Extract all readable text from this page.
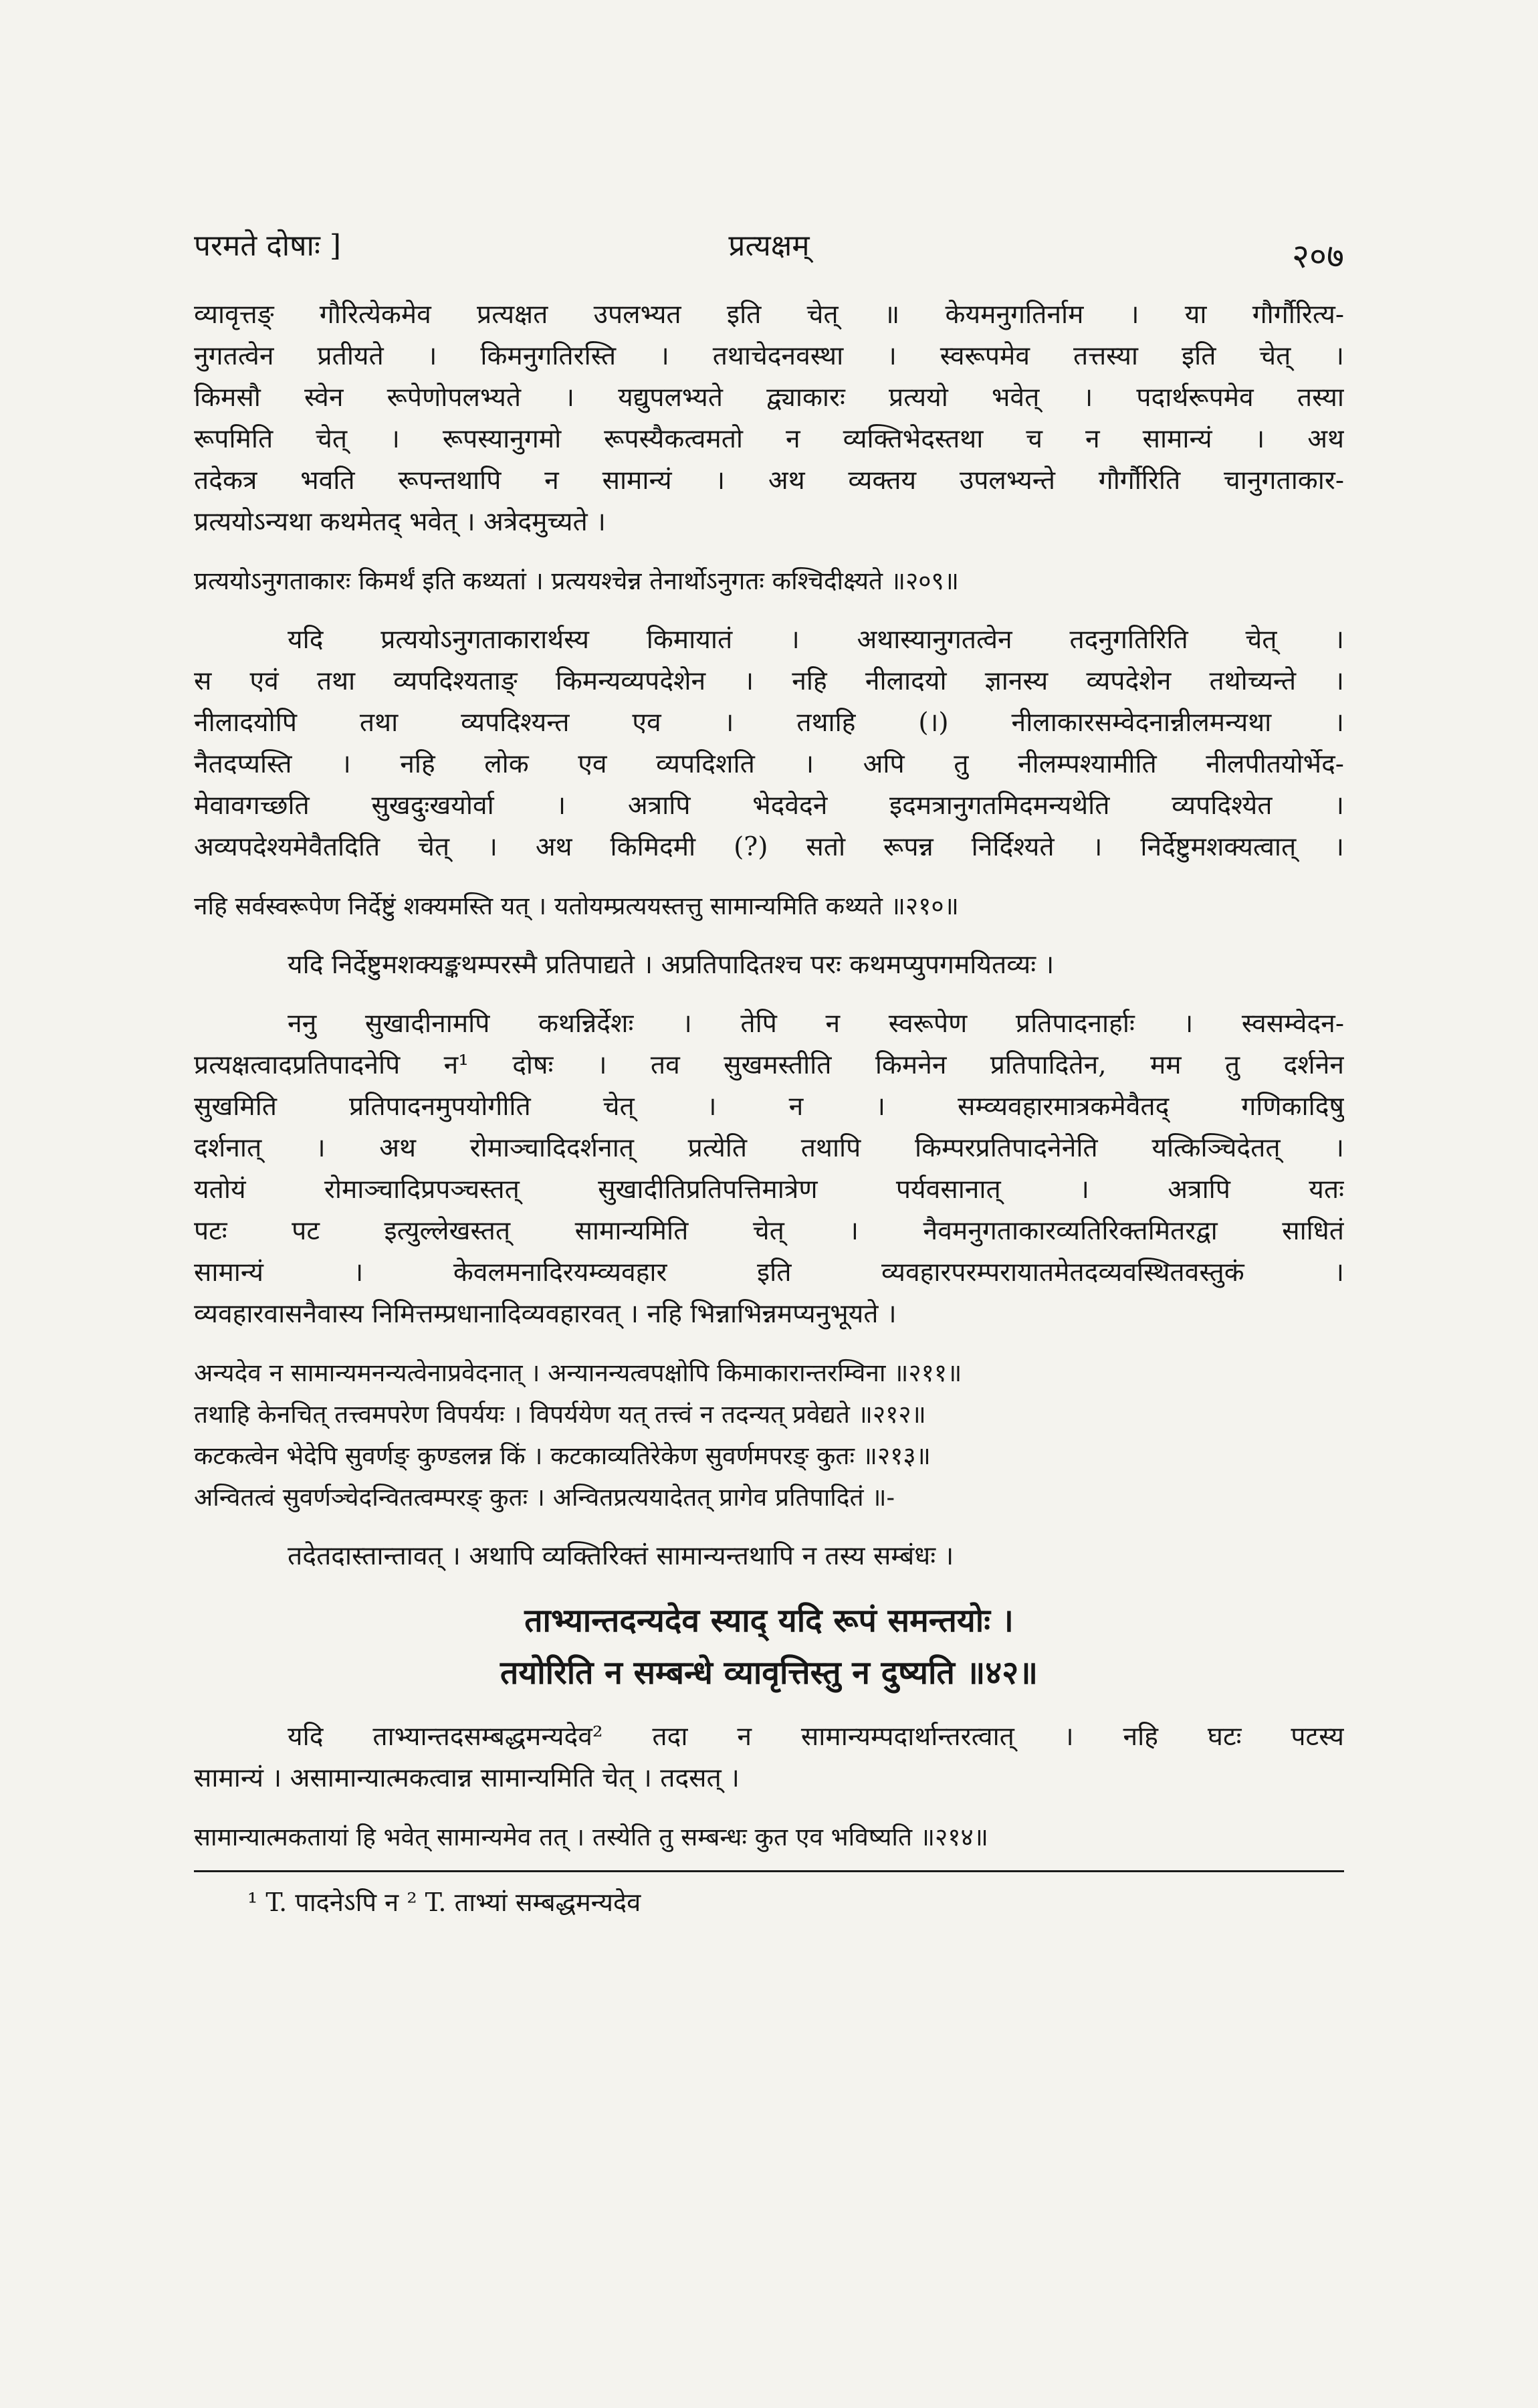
परमते दोषाः ]	प्रत्यक्षम्	२०७
व्यावृत्तङ् गौरित्येकमेव प्रत्यक्षत उपलभ्यत इति चेत् ॥ केयमनुगतिर्नाम । या गौर्गौरित्य-
नुगतत्वेन प्रतीयते । किमनुगतिरस्ति । तथाचेदनवस्था । स्वरूपमेव तत्तस्या इति चेत् ।
किमसौ स्वेन रूपेणोपलभ्यते । यद्युपलभ्यते द्व्याकारः प्रत्ययो भवेत् । पदार्थरूपमेव तस्या
रूपमिति चेत् । रूपस्यानुगमो रूपस्यैकत्वमतो न व्यक्तिभेदस्तथा च न सामान्यं । अथ
तदेकत्र भवति रूपन्तथापि न सामान्यं । अथ व्यक्तय उपलभ्यन्ते गौर्गौरिति चानुगताकार-
प्रत्ययोऽन्यथा कथमेतद् भवेत् । अत्रेदमुच्यते ।
प्रत्ययोऽनुगताकारः किमर्थं इति कथ्यतां । प्रत्ययश्चेन्न तेनार्थोऽनुगतः कश्चिदीक्ष्यते ॥२०९॥
यदि प्रत्ययोऽनुगताकारार्थस्य किमायातं । अथास्यानुगतत्वेन तदनुगतिरिति चेत् ।
स एवं तथा व्यपदिश्यताङ् किमन्यव्यपदेशेन । नहि नीलादयो ज्ञानस्य व्यपदेशेन तथोच्यन्ते ।
नीलादयोपि तथा व्यपदिश्यन्त एव । तथाहि (।) नीलाकारसम्वेदनान्नीलमन्यथा ।
नैतदप्यस्ति । नहि लोक एव व्यपदिशति । अपि तु नीलम्पश्यामीति नीलपीतयोर्भेद-
मेवावगच्छति सुखदुःखयोर्वा । अत्रापि भेदवेदने इदमत्रानुगतमिदमन्यथेति व्यपदिश्येत ।
अव्यपदेश्यमेवैतदिति चेत् । अथ किमिदमी (?) सतो रूपन्न निर्दिश्यते । निर्देष्टुमशक्यत्वात् ।
नहि सर्वस्वरूपेण निर्देष्टुं शक्यमस्ति यत् । यतोयम्प्रत्ययस्तत्तु सामान्यमिति कथ्यते ॥२१०॥
यदि निर्देष्टुमशक्यङ्कथम्परस्मै प्रतिपाद्यते । अप्रतिपादितश्च परः कथमप्युपगमयितव्यः ।
ननु सुखादीनामपि कथन्निर्देशः । तेपि न स्वरूपेण प्रतिपादनार्हाः । स्वसम्वेदन-
प्रत्यक्षत्वादप्रतिपादनेपि न¹ दोषः । तव सुखमस्तीति किमनेन प्रतिपादितेन, मम तु दर्शनेन
सुखमिति प्रतिपादनमुपयोगीति चेत् । न । सम्व्यवहारमात्रकमेवैतद् गणिकादिषु
दर्शनात् । अथ रोमाञ्चादिदर्शनात् प्रत्येति तथापि किम्परप्रतिपादनेनेति यत्किञ्चिदेतत् ।
यतोयं रोमाञ्चादिप्रपञ्चस्तत् सुखादीतिप्रतिपत्तिमात्रेण पर्यवसानात् । अत्रापि यतः
पटः पट इत्युल्लेखस्तत् सामान्यमिति चेत् । नैवमनुगताकारव्यतिरिक्तमितरद्वा साधितं
सामान्यं । केवलमनादिरयम्व्यवहार इति व्यवहारपरम्परायातमेतदव्यवस्थितवस्तुकं ।
व्यवहारवासनैवास्य निमित्तम्प्रधानादिव्यवहारवत् । नहि भिन्नाभिन्नमप्यनुभूयते ।
अन्यदेव न सामान्यमनन्यत्वेनाप्रवेदनात् । अन्यानन्यत्वपक्षोपि किमाकारान्तरम्विना ॥२११॥
तथाहि केनचित् तत्त्वमपरेण विपर्ययः । विपर्ययेण यत् तत्त्वं न तदन्यत् प्रवेद्यते ॥२१२॥
कटकत्वेन भेदेपि सुवर्णङ् कुण्डलन्न किं । कटकाव्यतिरेकेण सुवर्णमपरङ् कुतः ॥२१३॥
अन्वितत्वं सुवर्णञ्चेदन्वितत्वम्परङ् कुतः । अन्वितप्रत्ययादेतत् प्रागेव प्रतिपादितं ॥-
तदेतदास्तान्तावत् । अथापि व्यक्तिरिक्तं सामान्यन्तथापि न तस्य सम्बंधः ।
ताभ्यान्तदन्यदेव स्याद् यदि रूपं समन्तयोः ।
तयोरिति न सम्बन्धे व्यावृत्तिस्तु न दुष्यति ॥४२॥
यदि ताभ्यान्तदसम्बद्धमन्यदेव² तदा न सामान्यम्पदार्थान्तरत्वात् । नहि घटः पटस्य
सामान्यं । असामान्यात्मकत्वान्न सामान्यमिति चेत् । तदसत् ।
सामान्यात्मकतायां हि भवेत् सामान्यमेव तत् । तस्येति तु सम्बन्धः कुत एव भविष्यति ॥२१४॥
¹ T. पादनेऽपि न ² T. ताभ्यां सम्बद्धमन्यदेव
